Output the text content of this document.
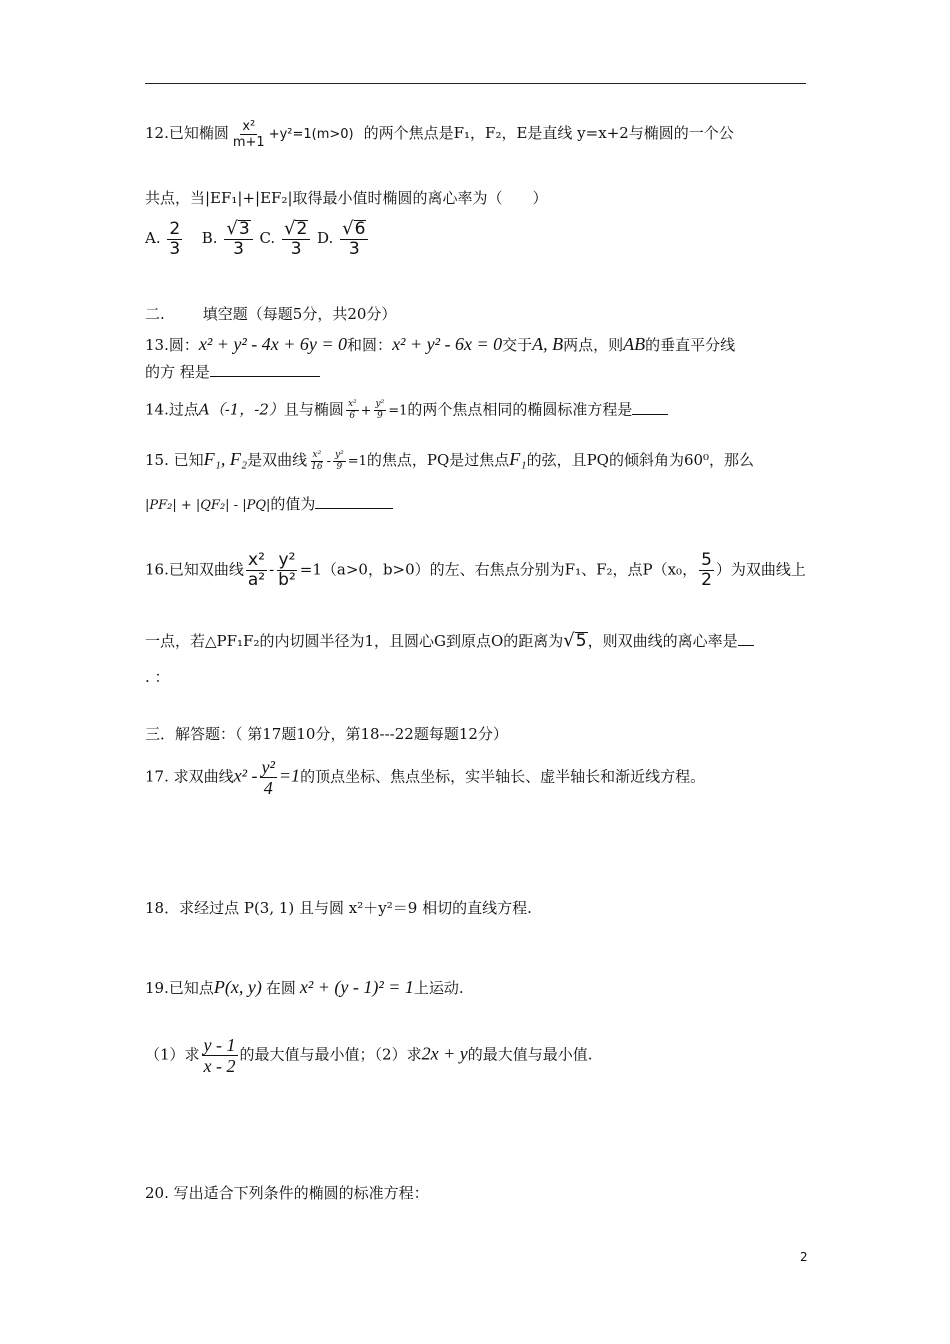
12.已知椭圆 $\frac{\text{x²}}{m+1} +y^2=1(m>0)$ 的两个焦点是F₁，F₂，E是直线 y=x+2与椭圆的一个公
共点，当|EF₁|+|EF₂|取得最小值时椭圆的离心率为（　　）
A. $\frac{2}{3} B$. $\frac{√ 3}{3} C$. $\frac{√ 2}{3} D$. $\frac{√ 6}{3}$
二.	填空题（每题5分，共20分）
13.圆：x² + y² - 4x + 6y = 0和圆：x² + y² - 6x = 0交于A, B两点，则AB的垂直平分线
的方 程是
14.过点A（-1，-2）且与椭圆 $\frac{\text{x²}}{6} + \frac{\text{y²}}{9} =1$的两个焦点相同的椭圆标准方程是
15. 已知F₁, F₂是双曲线 $\frac{\text{x²}}{16} - \frac{\text{y²}}{9} =1$的焦点，PQ是过焦点F₁的弦，且PQ的倾斜角为60⁰，那么
|PF₂| + |QF₂| - |PQ|的值为
16.已知双曲线 $\frac{\text{x²}}{\text{a²}} - \frac{\text{y²}}{\text{b²}} =1(a>0$，b>0）的左、右焦点分别为F₁、F₂，点P（x₀， $\frac{5}{2}$ ）为双曲线上
一点，若△PF₁F₂的内切圆半径为1，且圆心G到原点O的距离为 √ 5 ，则双曲线的离心率是
. ：
三．解答题：（ 第17题10分，第18---22题每题12分）
17. 求双曲线$x^2 - \frac{\text{y²}}{4} =1$的顶点坐标、焦点坐标，实半轴长、虚半轴长和渐近线方程。
18．求经过点 P(3, 1) 且与圆 x²＋y²＝9 相切的直线方程.
19.已知点P(x, y) 在圆 x² + (y - 1)² = 1上运动.
（1）求 $\frac{y - 1}{x - 2}$ 的最大值与最小值；（2）求2x + y的最大值与最小值.
20. 写出适合下列条件的椭圆的标准方程：
2
